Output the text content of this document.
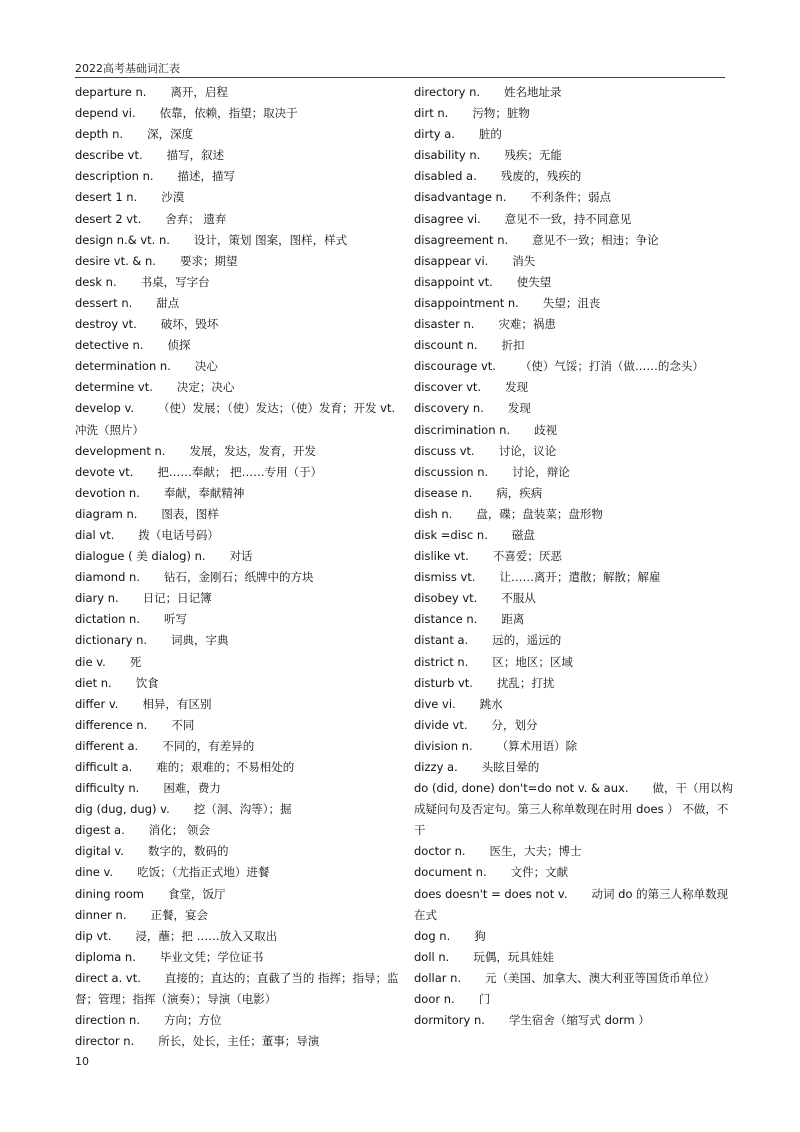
2022高考基础词汇表
departure n. 离开，启程
depend vi. 依靠，依赖，指望；取决于
depth n. 深，深度
describe vt. 描写，叙述
description n. 描述，描写
desert 1 n. 沙漠
desert 2 vt. 舍弃； 遗弃
design n.& vt. n. 设计，策划 图案，图样，样式
desire vt. & n. 要求；期望
desk n. 书桌，写字台
dessert n. 甜点
destroy vt. 破坏，毁坏
detective n. 侦探
determination n. 决心
determine vt. 决定；决心
develop v. （使）发展；（使）发达；（使）发育；开发 vt. 冲洗（照片）
development n. 发展，发达，发育，开发
devote vt. 把……奉献； 把……专用（于）
devotion n. 奉献，奉献精神
diagram n. 图表，图样
dial vt. 拨（电话号码）
dialogue ( 美 dialog) n. 对话
diamond n. 钻石，金刚石；纸牌中的方块
diary n. 日记；日记簿
dictation n. 听写
dictionary n. 词典，字典
die v. 死
diet n. 饮食
differ v. 相异，有区别
difference n. 不同
different a. 不同的，有差异的
difficult a. 难的；艰难的；不易相处的
difficulty n. 困难，费力
dig (dug, dug) v. 挖（洞、沟等）；掘
digest a. 消化； 领会
digital v. 数字的，数码的
dine v. 吃饭；（尤指正式地）进餐
dining room 食堂，饭厅
dinner n. 正餐，宴会
dip vt. 浸，蘸；把 ……放入又取出
diploma n. 毕业文凭；学位证书
direct a. vt. 直接的；直达的；直截了当的 指挥；指导；监督；管理；指挥（演奏）；导演（电影）
direction n. 方向；方位
director n. 所长，处长，主任；董事；导演
directory n. 姓名地址录
dirt n. 污物；脏物
dirty a. 脏的
disability n. 残疾；无能
disabled a. 残废的，残疾的
disadvantage n. 不利条件；弱点
disagree vi. 意见不一致，持不同意见
disagreement n. 意见不一致；相违；争论
disappear vi. 消失
disappoint vt. 使失望
disappointment n. 失望；沮丧
disaster n. 灾难；祸患
discount n. 折扣
discourage vt. （使）气馁；打消（做……的念头）
discover vt. 发现
discovery n. 发现
discrimination n. 歧视
discuss vt. 讨论，议论
discussion n. 讨论，辩论
disease n. 病，疾病
dish n. 盘，碟；盘装菜；盘形物
disk =disc n. 磁盘
dislike vt. 不喜爱；厌恶
dismiss vt. 让……离开；遣散；解散；解雇
disobey vt. 不服从
distance n. 距离
distant a. 远的，遥远的
district n. 区；地区；区域
disturb vt. 扰乱；打扰
dive vi. 跳水
divide vt. 分，划分
division n. （算术用语）除
dizzy a. 头眩目晕的
do (did, done) don't=do not v. & aux. 做，干（用以构成疑问句及否定句。第三人称单数现在时用 does ） 不做，不干
doctor n. 医生，大夫；博士
document n. 文件；文献
does doesn't = does not v. 动词 do 的第三人称单数现在式
dog n. 狗
doll n. 玩偶，玩具娃娃
dollar n. 元（美国、加拿大、澳大利亚等国货币单位）
door n. 门
dormitory n. 学生宿舍（缩写式 dorm ）
10
